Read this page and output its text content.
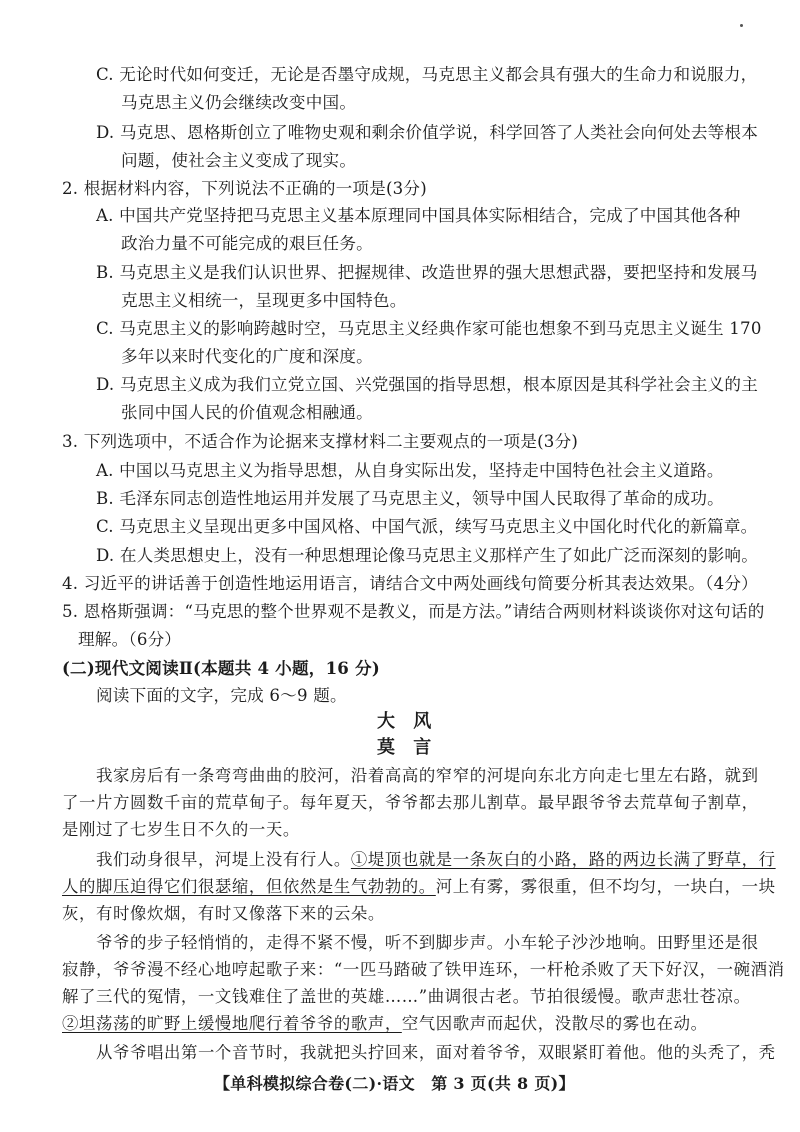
C. 无论时代如何变迁，无论是否墨守成规，马克思主义都会具有强大的生命力和说服力，
马克思主义仍会继续改变中国。
D. 马克思、恩格斯创立了唯物史观和剩余价值学说，科学回答了人类社会向何处去等根本
问题，使社会主义变成了现实。
2. 根据材料内容，下列说法不正确的一项是(3分)
A. 中国共产党坚持把马克思主义基本原理同中国具体实际相结合，完成了中国其他各种
政治力量不可能完成的艰巨任务。
B. 马克思主义是我们认识世界、把握规律、改造世界的强大思想武器，要把坚持和发展马
克思主义相统一，呈现更多中国特色。
C. 马克思主义的影响跨越时空，马克思主义经典作家可能也想象不到马克思主义诞生 170
多年以来时代变化的广度和深度。
D. 马克思主义成为我们立党立国、兴党强国的指导思想，根本原因是其科学社会主义的主
张同中国人民的价值观念相融通。
3. 下列选项中，不适合作为论据来支撑材料二主要观点的一项是(3分)
A. 中国以马克思主义为指导思想，从自身实际出发，坚持走中国特色社会主义道路。
B. 毛泽东同志创造性地运用并发展了马克思主义，领导中国人民取得了革命的成功。
C. 马克思主义呈现出更多中国风格、中国气派，续写马克思主义中国化时代化的新篇章。
D. 在人类思想史上，没有一种思想理论像马克思主义那样产生了如此广泛而深刻的影响。
4. 习近平的讲话善于创造性地运用语言，请结合文中两处画线句简要分析其表达效果。（4分）
5. 恩格斯强调：“马克思的整个世界观不是教义，而是方法。”请结合两则材料谈谈你对这句话的
理解。（6分）
(二)现代文阅读Ⅱ(本题共 4 小题，16 分)
阅读下面的文字，完成 6～9 题。
大 风
莫 言
我家房后有一条弯弯曲曲的胶河，沿着高高的窄窄的河堤向东北方向走七里左右路，就到
了一片方圆数千亩的荒草甸子。每年夏天，爷爷都去那儿割草。最早跟爷爷去荒草甸子割草，
是刚过了七岁生日不久的一天。
我们动身很早，河堤上没有行人。①堤顶也就是一条灰白的小路，路的两边长满了野草，行
人的脚压迫得它们很瑟缩，但依然是生气勃勃的。河上有雾，雾很重，但不均匀，一块白，一块
灰，有时像炊烟，有时又像落下来的云朵。
爷爷的步子轻悄悄的，走得不紧不慢，听不到脚步声。小车轮子沙沙地响。田野里还是很
寂静，爷爷漫不经心地哼起歌子来：“一匹马踏破了铁甲连环，一杆枪杀败了天下好汉，一碗酒消
解了三代的冤情，一文钱难住了盖世的英雄……”曲调很古老。节拍很缓慢。歌声悲壮苍凉。
②坦荡荡的旷野上缓慢地爬行着爷爷的歌声，空气因歌声而起伏，没散尽的雾也在动。
从爷爷唱出第一个音节时，我就把头拧回来，面对着爷爷，双眼紧盯着他。他的头秃了，秃
【单科模拟综合卷(二)·语文　第 3 页(共 8 页)】
